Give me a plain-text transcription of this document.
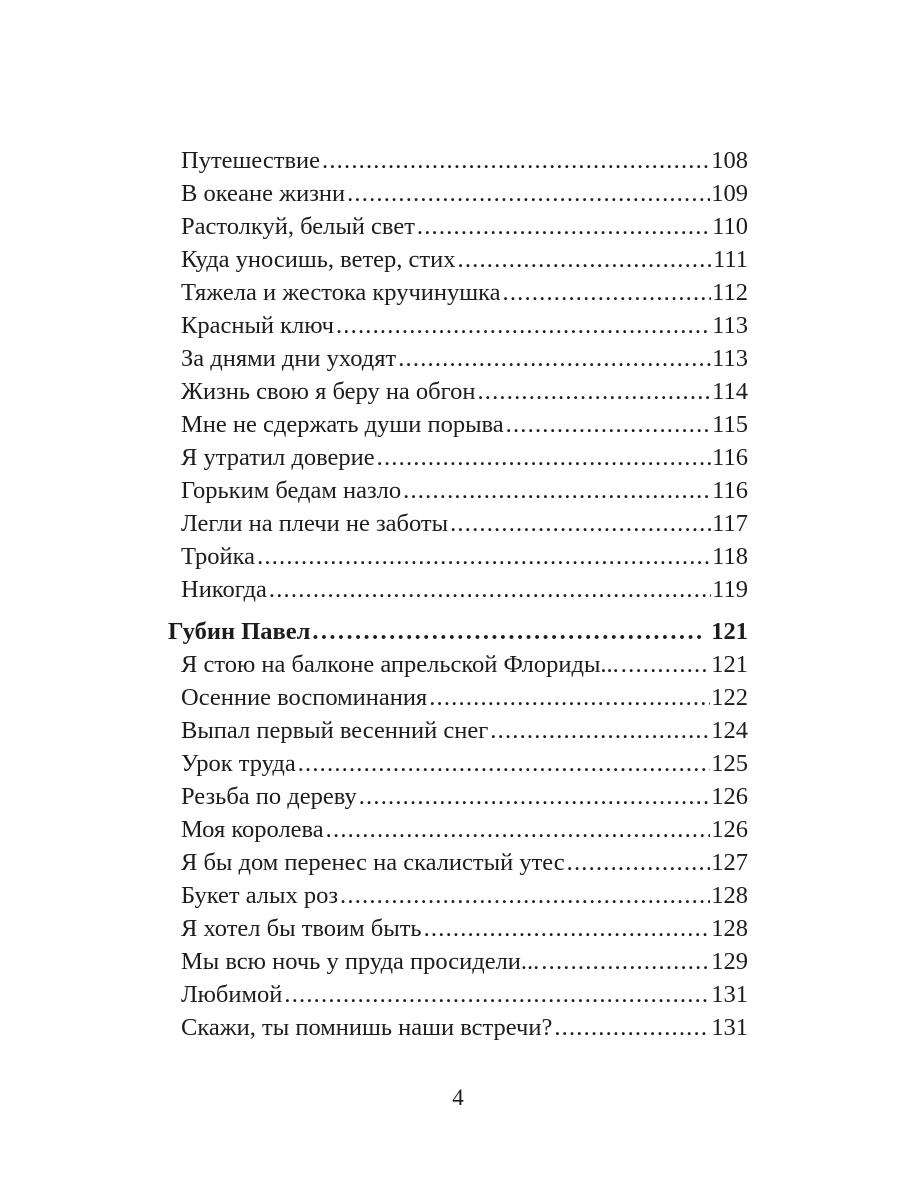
Путешествие .....	108
В океане жизни .....	109
Растолкуй, белый свет .....	110
Куда уносишь, ветер, стих .....	111
Тяжела и жестока кручинушка .....	112
Красный ключ .....	113
За днями дни уходят .....	113
Жизнь свою я беру на обгон .....	114
Мне не сдержать души порыва .....	115
Я утратил доверие .....	116
Горьким бедам назло .....	116
Легли на плечи не заботы .....	117
Тройка .....	118
Никогда .....	119
Губин Павел .....	121
Я стою на балконе апрельской Флориды... .....	121
Осенние воспоминания .....	122
Выпал первый весенний снег .....	124
Урок труда .....	125
Резьба по дереву .....	126
Моя королева .....	126
Я бы дом перенес на скалистый утес .....	127
Букет алых роз .....	128
Я хотел бы твоим быть .....	128
Мы всю ночь у пруда просидели... .....	129
Любимой .....	131
Скажи, ты помнишь наши встречи? .....	131
4
